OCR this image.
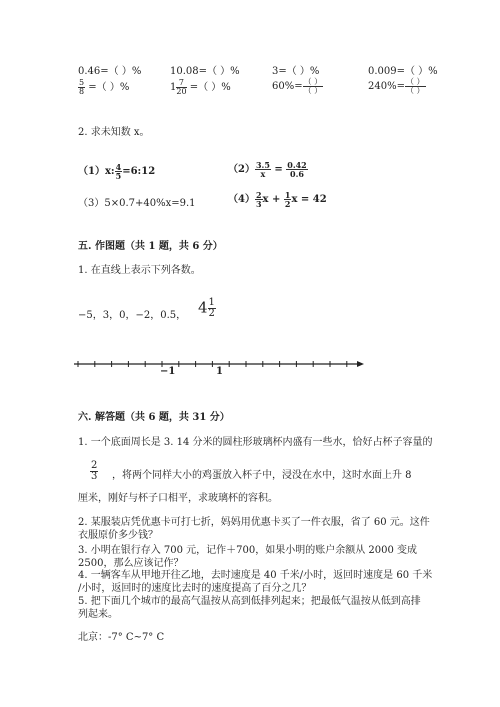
0.46=（ ）%	10.08=（ ）%	3=（ ）%	0.009=（ ）%
$\frac{5}{8}$ =（ ）%	$1 \frac{7}{20}$ =（ ）%	$60\%= \frac{( )}{( )}$	$240\%= \frac{( )}{( )}$
2. 求未知数 x。
（1）x: $\frac{4}{5}$ =6:12	$(2) \frac{3.5}{x} = \frac{0.42}{0.6}$
（3）5×0.7+40%x=9.1	$(4) \frac{2}{3}$ $x + \frac{1}{2}$ x = 42
五. 作图题（共 1 题，共 6 分）
1. 在直线上表示下列各数。
−5，3，0，−2，0.5， $4 \frac{1}{2}$
−1	1
六. 解答题（共 6 题，共 31 分）
1. 一个底面周长是 3. 14 分米的圆柱形玻璃杯内盛有一些水，恰好占杯子容量的
$\frac{2}{3}$ ，将两个同样大小的鸡蛋放入杯子中，浸没在水中，这时水面上升 8
厘米，刚好与杯子口相平，求玻璃杯的容积。
2. 某服装店凭优惠卡可打七折，妈妈用优惠卡买了一件衣服，省了 60 元。这件
衣服原价多少钱？
3. 小明在银行存入 700 元，记作＋700，如果小明的账户余额从 2000 变成
2500，那么应该记作？
4. 一辆客车从甲地开往乙地，去时速度是 40 千米/小时，返回时速度是 60 千米
/小时，返回时的速度比去时的速度提高了百分之几？
5. 把下面几个城市的最高气温按从高到低排列起来；把最低气温按从低到高排
列起来。
北京：-7° C~7° C
